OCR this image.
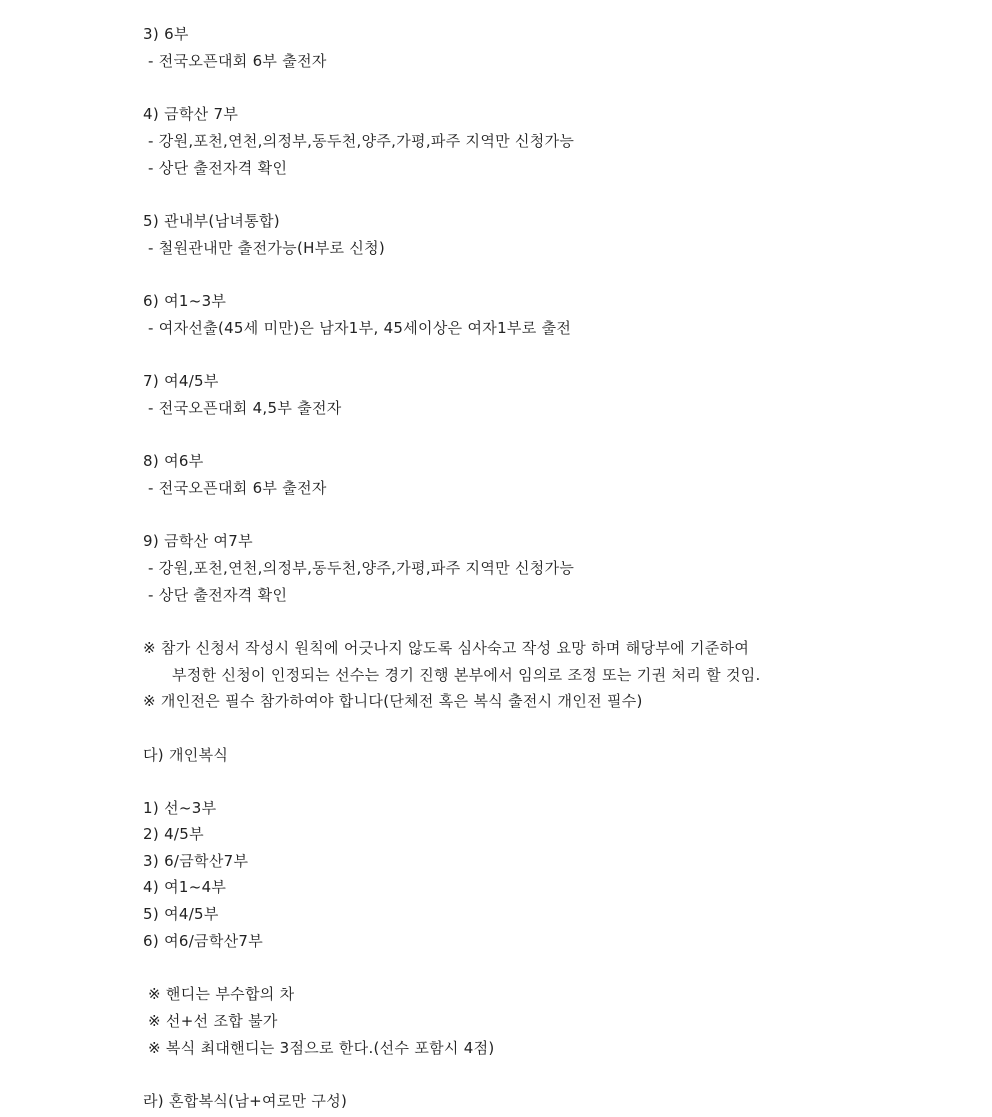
3) 6부
- 전국오픈대회 6부 출전자
4) 금학산 7부
- 강원,포천,연천,의정부,동두천,양주,가평,파주 지역만 신청가능
- 상단 출전자격 확인
5) 관내부(남녀통합)
- 철원관내만 출전가능(H부로 신청)
6) 여1~3부
- 여자선출(45세 미만)은 남자1부, 45세이상은 여자1부로 출전
7) 여4/5부
- 전국오픈대회 4,5부 출전자
8) 여6부
- 전국오픈대회 6부 출전자
9) 금학산 여7부
- 강원,포천,연천,의정부,동두천,양주,가평,파주 지역만 신청가능
- 상단 출전자격 확인
※ 참가 신청서 작성시 원칙에 어긋나지 않도록 심사숙고 작성 요망 하며 해당부에 기준하여
부정한 신청이 인정되는 선수는 경기 진행 본부에서 임의로 조정 또는 기권 처리 할 것임.
※ 개인전은 필수 참가하여야 합니다(단체전 혹은 복식 출전시 개인전 필수)
다) 개인복식
1) 선~3부
2) 4/5부
3) 6/금학산7부
4) 여1~4부
5) 여4/5부
6) 여6/금학산7부
※ 핸디는 부수합의 차
※ 선+선 조합 불가
※ 복식 최대핸디는 3점으로 한다.(선수 포함시 4점)
라) 혼합복식(남+여로만 구성)
